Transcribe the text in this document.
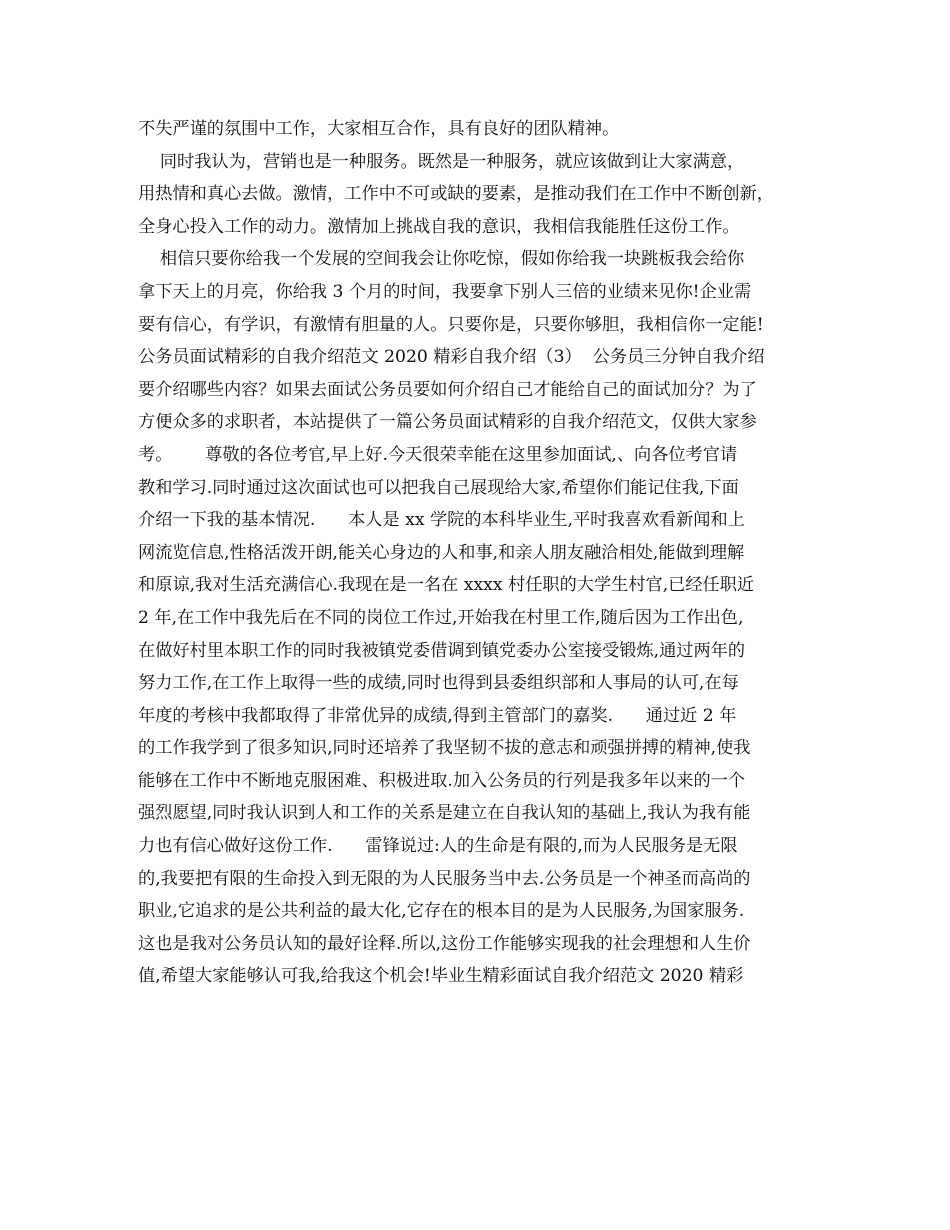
不失严谨的氛围中工作，大家相互合作，具有良好的团队精神。
同时我认为，营销也是一种服务。既然是一种服务，就应该做到让大家满意，
用热情和真心去做。激情，工作中不可或缺的要素，是推动我们在工作中不断创新，
全身心投入工作的动力。激情加上挑战自我的意识，我相信我能胜任这份工作。
相信只要你给我一个发展的空间我会让你吃惊，假如你给我一块跳板我会给你
拿下天上的月亮，你给我 3 个月的时间，我要拿下别人三倍的业绩来见你!企业需
要有信心，有学识，有激情有胆量的人。只要你是，只要你够胆，我相信你一定能!
公务员面试精彩的自我介绍范文 2020 精彩自我介绍（3）  公务员三分钟自我介绍
要介绍哪些内容？如果去面试公务员要如何介绍自己才能给自己的面试加分？为了
方便众多的求职者，本站提供了一篇公务员面试精彩的自我介绍范文，仅供大家参
考。      尊敬的各位考官,早上好.今天很荣幸能在这里参加面试,、向各位考官请
教和学习.同时通过这次面试也可以把我自己展现给大家,希望你们能记住我,下面
介绍一下我的基本情况.      本人是 xx 学院的本科毕业生,平时我喜欢看新闻和上
网流览信息,性格活泼开朗,能关心身边的人和事,和亲人朋友融洽相处,能做到理解
和原谅,我对生活充满信心.我现在是一名在 xxxx 村任职的大学生村官,已经任职近
2 年,在工作中我先后在不同的岗位工作过,开始我在村里工作,随后因为工作出色,
在做好村里本职工作的同时我被镇党委借调到镇党委办公室接受锻炼,通过两年的
努力工作,在工作上取得一些的成绩,同时也得到县委组织部和人事局的认可,在每
年度的考核中我都取得了非常优异的成绩,得到主管部门的嘉奖.      通过近 2 年
的工作我学到了很多知识,同时还培养了我坚韧不拔的意志和顽强拼搏的精神,使我
能够在工作中不断地克服困难、积极进取.加入公务员的行列是我多年以来的一个
强烈愿望,同时我认识到人和工作的关系是建立在自我认知的基础上,我认为我有能
力也有信心做好这份工作.      雷锋说过:人的生命是有限的,而为人民服务是无限
的,我要把有限的生命投入到无限的为人民服务当中去.公务员是一个神圣而高尚的
职业,它追求的是公共利益的最大化,它存在的根本目的是为人民服务,为国家服务.
这也是我对公务员认知的最好诠释.所以,这份工作能够实现我的社会理想和人生价
值,希望大家能够认可我,给我这个机会!毕业生精彩面试自我介绍范文 2020 精彩
